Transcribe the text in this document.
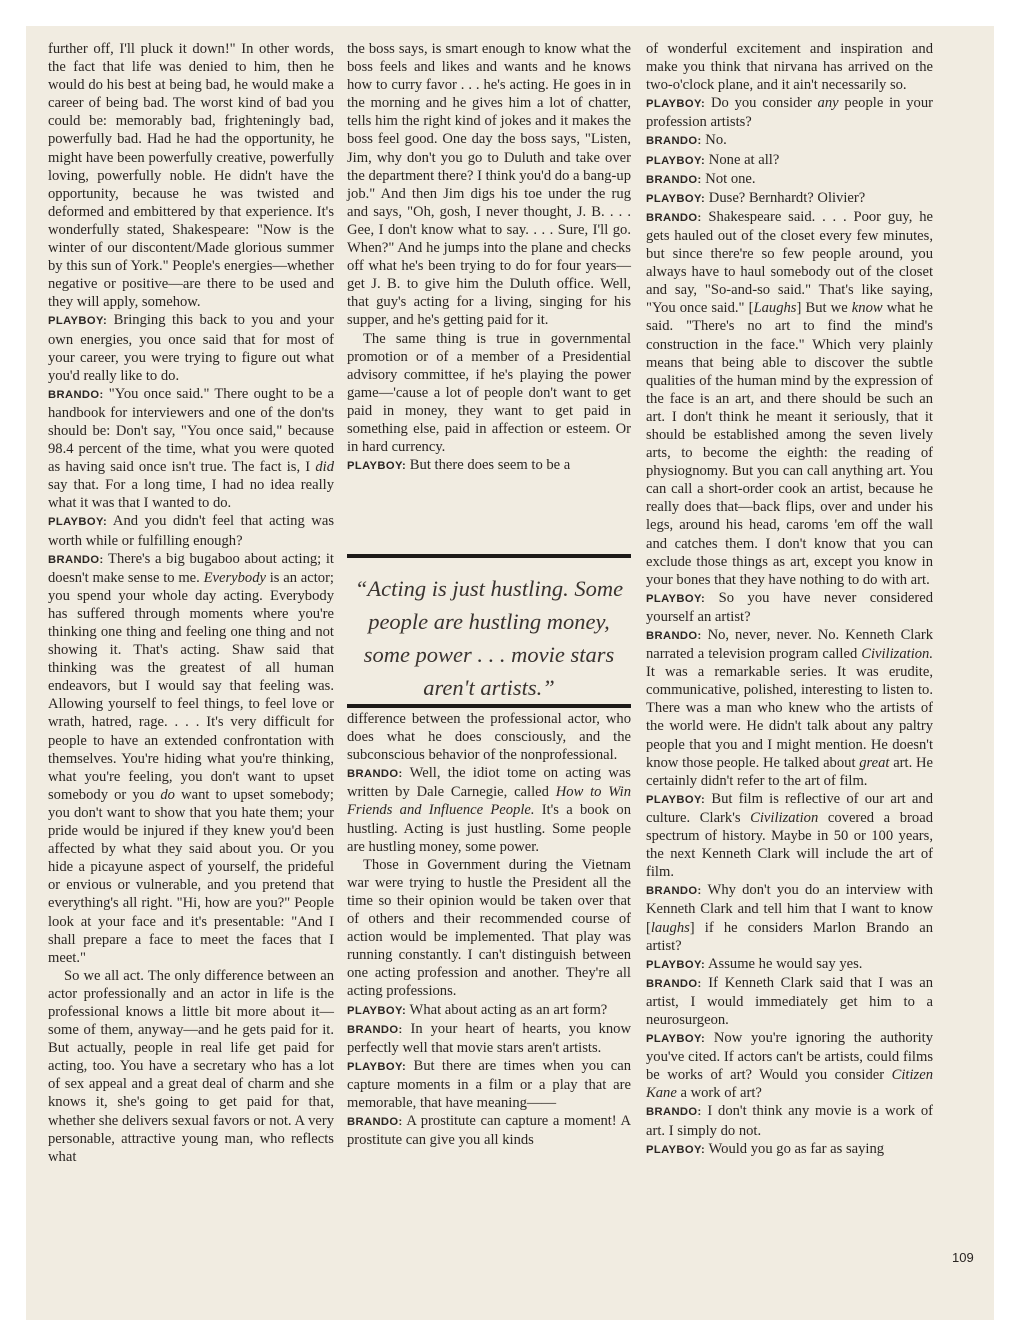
further off, I'll pluck it down!" In other words, the fact that life was denied to him, then he would do his best at being bad, he would make a career of being bad. The worst kind of bad you could be: memorably bad, frighteningly bad, powerfully bad. Had he had the opportunity, he might have been powerfully creative, powerfully loving, powerfully noble. He didn't have the opportunity, because he was twisted and deformed and embittered by that experience. It's wonderfully stated, Shakespeare: "Now is the winter of our discontent/Made glorious summer by this sun of York." People's energies—whether negative or positive—are there to be used and they will apply, somehow.

PLAYBOY: Bringing this back to you and your own energies, you once said that for most of your career, you were trying to figure out what you'd really like to do.

BRANDO: "You once said." There ought to be a handbook for interviewers and one of the don'ts should be: Don't say, "You once said," because 98.4 percent of the time, what you were quoted as having said once isn't true. The fact is, I did say that. For a long time, I had no idea really what it was that I wanted to do.

PLAYBOY: And you didn't feel that acting was worth while or fulfilling enough?

BRANDO: There's a big bugaboo about acting; it doesn't make sense to me. Everybody is an actor; you spend your whole day acting. Everybody has suffered through moments where you're thinking one thing and feeling one thing and not showing it. That's acting. Shaw said that thinking was the greatest of all human endeavors, but I would say that feeling was. Allowing yourself to feel things, to feel love or wrath, hatred, rage. . . . It's very difficult for people to have an extended confrontation with themselves. You're hiding what you're thinking, what you're feeling, you don't want to upset somebody or you do want to upset somebody; you don't want to show that you hate them; your pride would be injured if they knew you'd been affected by what they said about you. Or you hide a picayune aspect of yourself, the prideful or envious or vulnerable, and you pretend that everything's all right. "Hi, how are you?" People look at your face and it's presentable: "And I shall prepare a face to meet the faces that I meet."

So we all act. The only difference between an actor professionally and an actor in life is the professional knows a little bit more about it—some of them, anyway—and he gets paid for it. But actually, people in real life get paid for acting, too. You have a secretary who has a lot of sex appeal and a great deal of charm and she knows it, she's going to get paid for that, whether she delivers sexual favors or not. A very personable, attractive young man, who reflects what

the boss says, is smart enough to know what the boss feels and likes and wants and he knows how to curry favor . . . he's acting. He goes in in the morning and he gives him a lot of chatter, tells him the right kind of jokes and it makes the boss feel good. One day the boss says, "Listen, Jim, why don't you go to Duluth and take over the department there? I think you'd do a bang-up job." And then Jim digs his toe under the rug and says, "Oh, gosh, I never thought, J. B. . . . Gee, I don't know what to say. . . . Sure, I'll go. When?" And he jumps into the plane and checks off what he's been trying to do for four years—get J. B. to give him the Duluth office. Well, that guy's acting for a living, singing for his supper, and he's getting paid for it.

The same thing is true in governmental promotion or of a member of a Presidential advisory committee, if he's playing the power game—'cause a lot of people don't want to get paid in money, they want to get paid in something else, paid in affection or esteem. Or in hard currency.

PLAYBOY: But there does seem to be a

“Acting is just hustling. Some people are hustling money, some power . . . movie stars aren't artists.”

difference between the professional actor, who does what he does consciously, and the subconscious behavior of the nonprofessional.

BRANDO: Well, the idiot tome on acting was written by Dale Carnegie, called How to Win Friends and Influence People. It's a book on hustling. Acting is just hustling. Some people are hustling money, some power.

Those in Government during the Vietnam war were trying to hustle the President all the time so their opinion would be taken over that of others and their recommended course of action would be implemented. That play was running constantly. I can't distinguish between one acting profession and another. They're all acting professions.

PLAYBOY: What about acting as an art form?

BRANDO: In your heart of hearts, you know perfectly well that movie stars aren't artists.

PLAYBOY: But there are times when you can capture moments in a film or a play that are memorable, that have meaning——

BRANDO: A prostitute can capture a moment! A prostitute can give you all kinds

of wonderful excitement and inspiration and make you think that nirvana has arrived on the two-o'clock plane, and it ain't necessarily so.

PLAYBOY: Do you consider any people in your profession artists?

BRANDO: No.

PLAYBOY: None at all?

BRANDO: Not one.

PLAYBOY: Duse? Bernhardt? Olivier?

BRANDO: Shakespeare said. . . . Poor guy, he gets hauled out of the closet every few minutes, but since there're so few people around, you always have to haul somebody out of the closet and say, "So-and-so said." That's like saying, "You once said." [Laughs] But we know what he said. "There's no art to find the mind's construction in the face." Which very plainly means that being able to discover the subtle qualities of the human mind by the expression of the face is an art, and there should be such an art. I don't think he meant it seriously, that it should be established among the seven lively arts, to become the eighth: the reading of physiognomy. But you can call anything art. You can call a short-order cook an artist, because he really does that—back flips, over and under his legs, around his head, caroms 'em off the wall and catches them. I don't know that you can exclude those things as art, except you know in your bones that they have nothing to do with art.

PLAYBOY: So you have never considered yourself an artist?

BRANDO: No, never, never. No. Kenneth Clark narrated a television program called Civilization. It was a remarkable series. It was erudite, communicative, polished, interesting to listen to. There was a man who knew who the artists of the world were. He didn't talk about any paltry people that you and I might mention. He doesn't know those people. He talked about great art. He certainly didn't refer to the art of film.

PLAYBOY: But film is reflective of our art and culture. Clark's Civilization covered a broad spectrum of history. Maybe in 50 or 100 years, the next Kenneth Clark will include the art of film.

BRANDO: Why don't you do an interview with Kenneth Clark and tell him that I want to know [laughs] if he considers Marlon Brando an artist?

PLAYBOY: Assume he would say yes.

BRANDO: If Kenneth Clark said that I was an artist, I would immediately get him to a neurosurgeon.

PLAYBOY: Now you're ignoring the authority you've cited. If actors can't be artists, could films be works of art? Would you consider Citizen Kane a work of art?

BRANDO: I don't think any movie is a work of art. I simply do not.

PLAYBOY: Would you go as far as saying

109
